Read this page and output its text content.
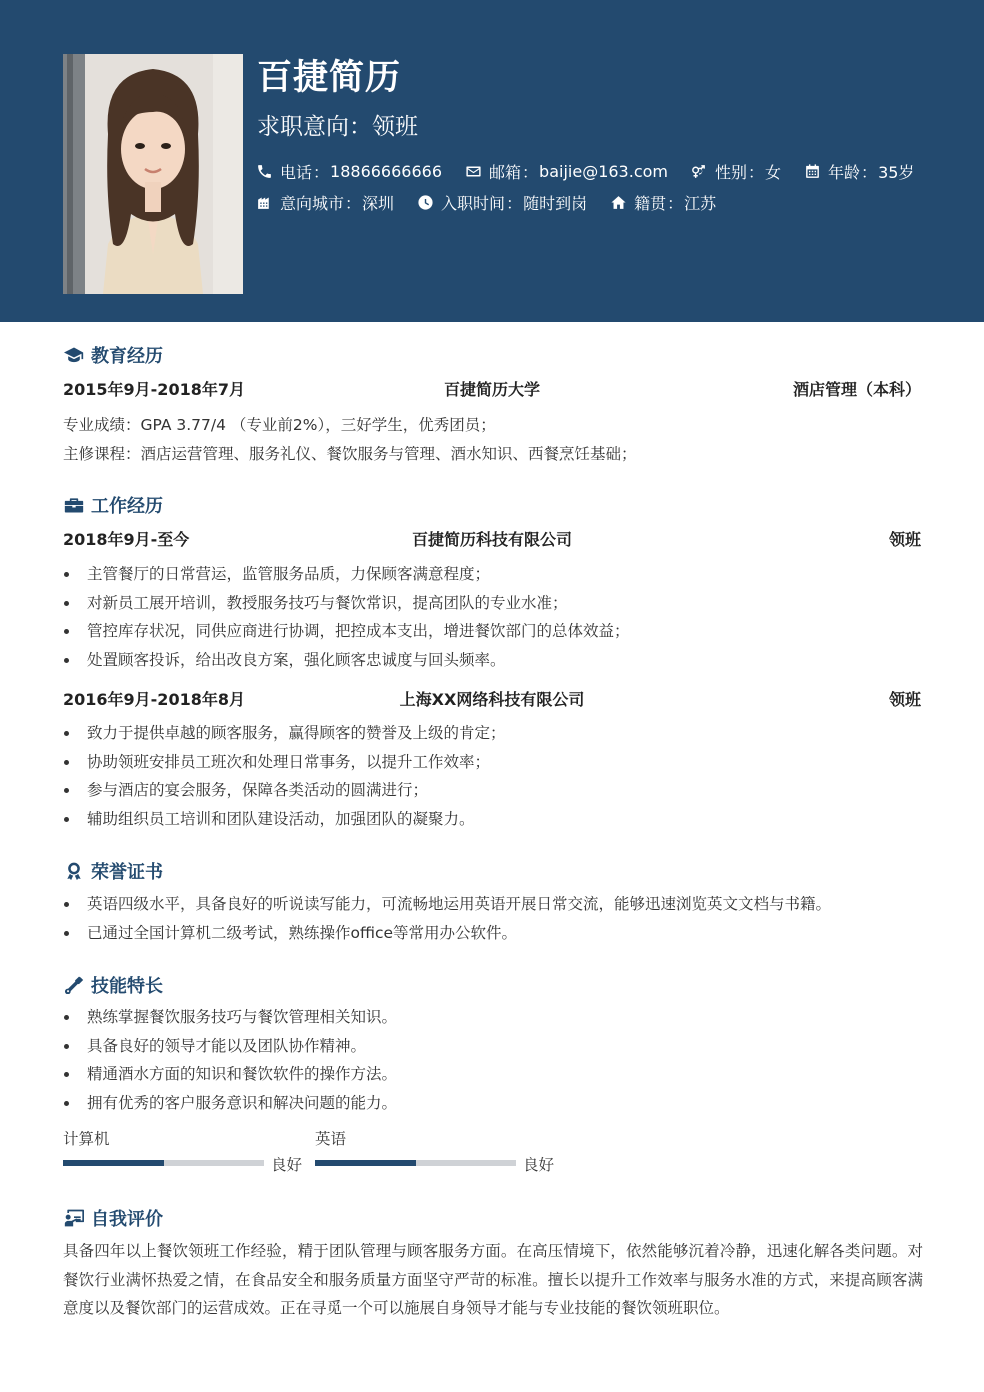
百捷简历
求职意向：领班
电话 ： 18866666666	邮箱 ： baijie@163.com	性别 ： 女	年龄 ： 35岁
意向城市 ： 深圳	入职时间 ： 随时到岗	籍贯 ： 江苏
教育经历
2015年9月-2018年7月	百捷简历大学	酒店管理（本科）
专业成绩：GPA 3.77/4 （专业前2%），三好学生，优秀团员；
主修课程：酒店运营管理、服务礼仪、餐饮服务与管理、酒水知识、西餐烹饪基础；
工作经历
2018年9月-至今	百捷简历科技有限公司	领班
主管餐厅的日常营运，监管服务品质，力保顾客满意程度；
对新员工展开培训，教授服务技巧与餐饮常识，提高团队的专业水准；
管控库存状况，同供应商进行协调，把控成本支出，增进餐饮部门的总体效益；
处置顾客投诉，给出改良方案，强化顾客忠诚度与回头频率。
2016年9月-2018年8月	上海XX网络科技有限公司	领班
致力于提供卓越的顾客服务，赢得顾客的赞誉及上级的肯定；
协助领班安排员工班次和处理日常事务，以提升工作效率；
参与酒店的宴会服务，保障各类活动的圆满进行；
辅助组织员工培训和团队建设活动，加强团队的凝聚力。
荣誉证书
英语四级水平，具备良好的听说读写能力，可流畅地运用英语开展日常交流，能够迅速浏览英文文档与书籍。
已通过全国计算机二级考试，熟练操作office等常用办公软件。
技能特长
熟练掌握餐饮服务技巧与餐饮管理相关知识。
具备良好的领导才能以及团队协作精神。
精通酒水方面的知识和餐饮软件的操作方法。
拥有优秀的客户服务意识和解决问题的能力。
计算机
良好
英语
良好
自我评价
具备四年以上餐饮领班工作经验，精于团队管理与顾客服务方面。在高压情境下，依然能够沉着冷静，迅速化解各类问题。对餐饮行业满怀热爱之情，在食品安全和服务质量方面坚守严苛的标准。擅长以提升工作效率与服务水准的方式，来提高顾客满意度以及餐饮部门的运营成效。正在寻觅一个可以施展自身领导才能与专业技能的餐饮领班职位。
